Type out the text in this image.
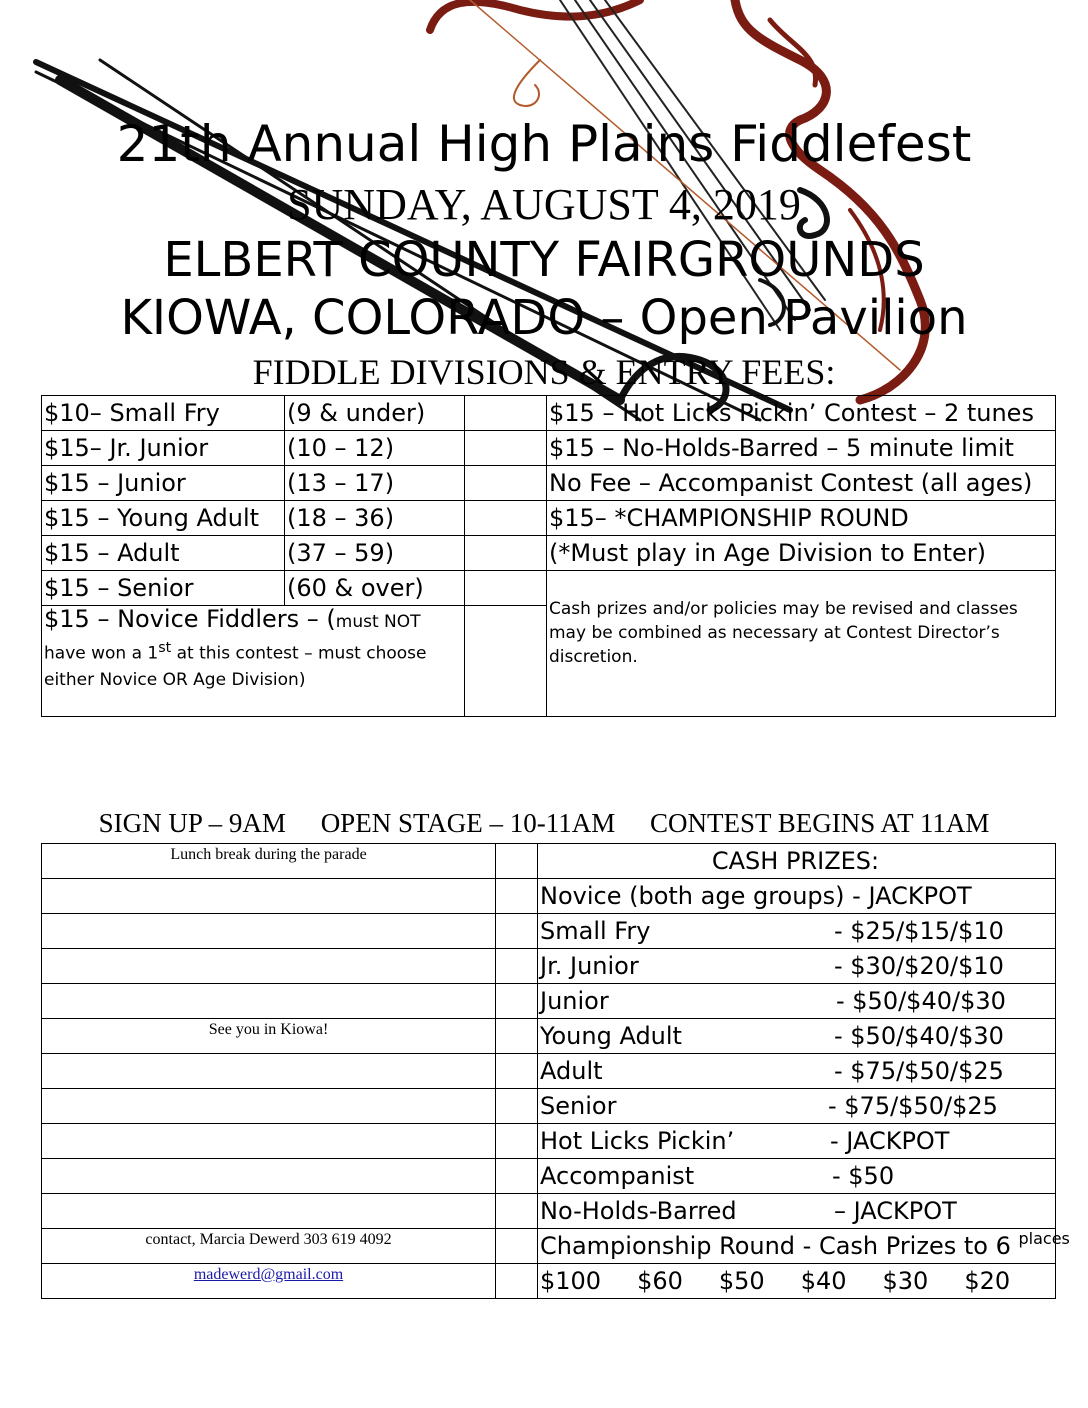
21th Annual High Plains Fiddlefest
SUNDAY, AUGUST 4, 2019
ELBERT COUNTY FAIRGROUNDS
KIOWA, COLORADO – Open Pavilion
FIDDLE DIVISIONS & ENTRY FEES:
$10– Small Fry	(9 & under)		$15 – Hot Licks Pickin’ Contest – 2 tunes
$15– Jr. Junior	(10 – 12)		$15 – No-Holds-Barred – 5 minute limit
$15 – Junior	(13 – 17)		No Fee – Accompanist Contest (all ages)
$15 – Young Adult	(18 – 36)		$15– *CHAMPIONSHIP ROUND
$15 – Adult	(37 – 59)		(*Must play in Age Division to Enter)
$15 – Senior	(60 & over)		Cash prizes and/or policies may be revised and classes may be combined as necessary at Contest Director’s discretion.
$15 – Novice Fiddlers – (must NOT have won a 1st at this contest – must choose either Novice OR Age Division)			
SIGN UP – 9AM OPEN STAGE – 10-11AM CONTEST BEGINS AT 11AM
Lunch break during the parade		CASH PRIZES:
		Novice (both age groups) - JACKPOT

		Small Fry - $25/$15/$10

		Jr. Junior - $30/$20/$10

		Junior - $50/$40/$30

See you in Kiowa!		Young Adult - $50/$40/$30

		Adult - $75/$50/$25

		Senior - $75/$50/$25

		Hot Licks Pickin’ - JACKPOT

		Accompanist - $50

		No-Holds-Barred – JACKPOT

contact, Marcia Dewerd 303 619 4092		Championship Round - Cash Prizes to 6 $^{places}$
madewerd@gmail.com		$100 $60 $50 $40 $30 $20
